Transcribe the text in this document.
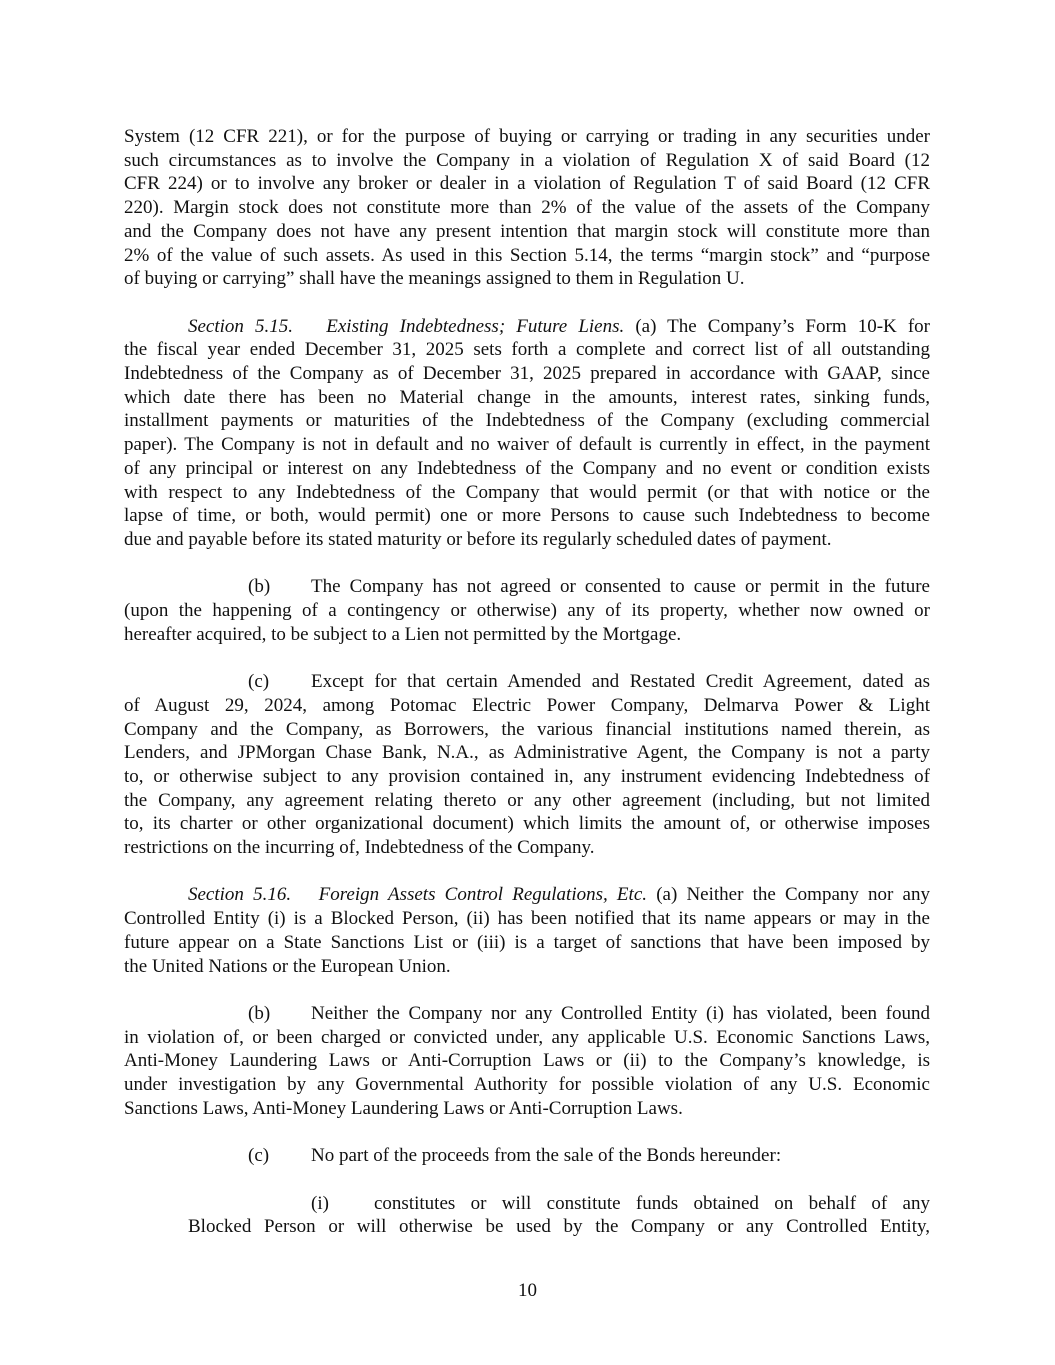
System (12 CFR 221), or for the purpose of buying or carrying or trading in any securities under
such circumstances as to involve the Company in a violation of Regulation X of said Board (12
CFR 224) or to involve any broker or dealer in a violation of Regulation T of said Board (12 CFR
220). Margin stock does not constitute more than 2% of the value of the assets of the Company
and the Company does not have any present intention that margin stock will constitute more than
2% of the value of such assets. As used in this Section 5.14, the terms “margin stock” and “purpose
of buying or carrying” shall have the meanings assigned to them in Regulation U.
Section 5.15.   Existing Indebtedness; Future Liens. (a) The Company’s Form 10-K for
the fiscal year ended December 31, 2025 sets forth a complete and correct list of all outstanding
Indebtedness of the Company as of December 31, 2025 prepared in accordance with GAAP, since
which date there has been no Material change in the amounts, interest rates, sinking funds,
installment payments or maturities of the Indebtedness of the Company (excluding commercial
paper). The Company is not in default and no waiver of default is currently in effect, in the payment
of any principal or interest on any Indebtedness of the Company and no event or condition exists
with respect to any Indebtedness of the Company that would permit (or that with notice or the
lapse of time, or both, would permit) one or more Persons to cause such Indebtedness to become
due and payable before its stated maturity or before its regularly scheduled dates of payment.
(b) The Company has not agreed or consented to cause or permit in the future
(upon the happening of a contingency or otherwise) any of its property, whether now owned or
hereafter acquired, to be subject to a Lien not permitted by the Mortgage.
(c) Except for that certain Amended and Restated Credit Agreement, dated as
of August 29, 2024, among Potomac Electric Power Company, Delmarva Power & Light
Company and the Company, as Borrowers, the various financial institutions named therein, as
Lenders, and JPMorgan Chase Bank, N.A., as Administrative Agent, the Company is not a party
to, or otherwise subject to any provision contained in, any instrument evidencing Indebtedness of
the Company, any agreement relating thereto or any other agreement (including, but not limited
to, its charter or other organizational document) which limits the amount of, or otherwise imposes
restrictions on the incurring of, Indebtedness of the Company.
Section 5.16.   Foreign Assets Control Regulations, Etc. (a) Neither the Company nor any
Controlled Entity (i) is a Blocked Person, (ii) has been notified that its name appears or may in the
future appear on a State Sanctions List or (iii) is a target of sanctions that have been imposed by
the United Nations or the European Union.
(b) Neither the Company nor any Controlled Entity (i) has violated, been found
in violation of, or been charged or convicted under, any applicable U.S. Economic Sanctions Laws,
Anti-Money Laundering Laws or Anti-Corruption Laws or (ii) to the Company’s knowledge, is
under investigation by any Governmental Authority for possible violation of any U.S. Economic
Sanctions Laws, Anti-Money Laundering Laws or Anti-Corruption Laws.
(c) No part of the proceeds from the sale of the Bonds hereunder:
(i) constitutes or will constitute funds obtained on behalf of any
Blocked Person or will otherwise be used by the Company or any Controlled Entity,
10
